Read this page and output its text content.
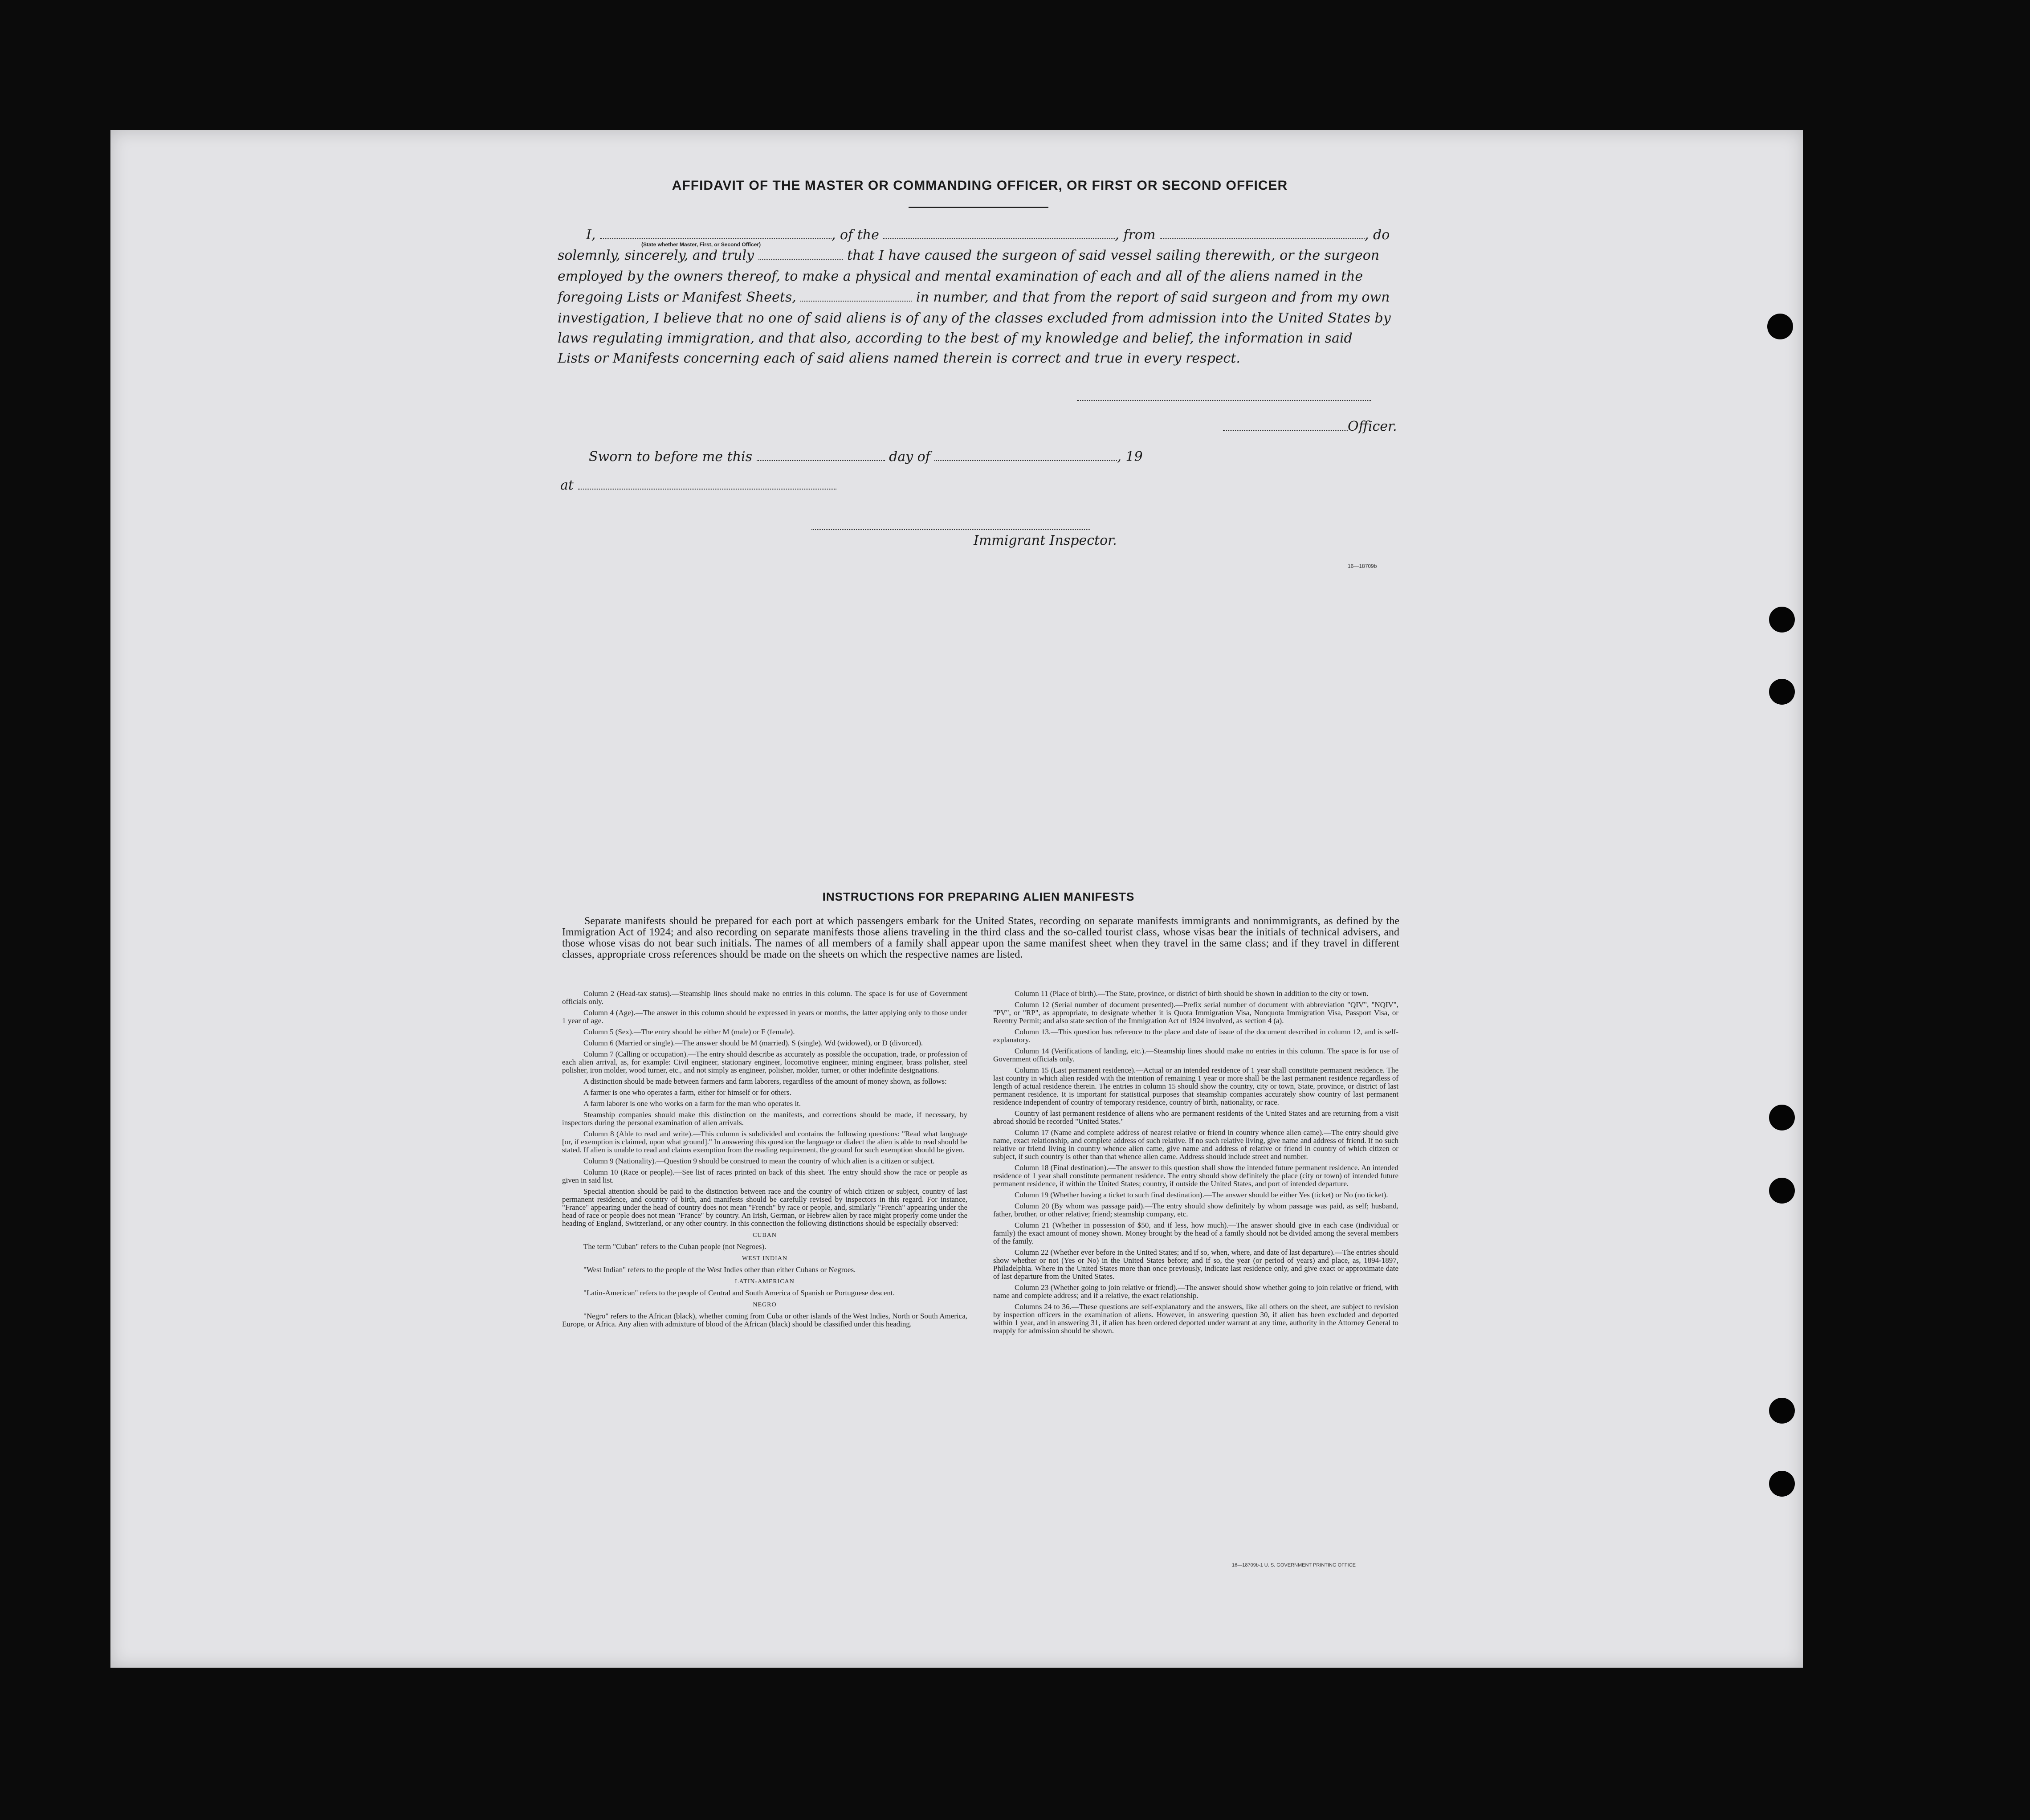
AFFIDAVIT OF THE MASTER OR COMMANDING OFFICER, OR FIRST OR SECOND OFFICER
I,	, of the	, from	, do
(State whether Master, First, or Second Officer)
solemnly, sincerely, and truly	that I have caused the surgeon of said vessel sailing therewith, or the surgeon
employed by the owners thereof, to make a physical and mental examination of each and all of the aliens named in the
foregoing Lists or Manifest Sheets,	in number, and that from the report of said surgeon and from my own
investigation, I believe that no one of said aliens is of any of the classes excluded from admission into the United States by
laws regulating immigration, and that also, according to the best of my knowledge and belief, the information in said
Lists or Manifests concerning each of said aliens named therein is correct and true in every respect.
Officer.
Sworn to before me this	day of	, 19
at
Immigrant Inspector.
16—18709b
INSTRUCTIONS FOR PREPARING ALIEN MANIFESTS
Separate manifests should be prepared for each port at which passengers embark for the United States, recording on separate manifests immigrants and nonimmigrants, as defined by the Immigration Act of 1924; and also recording on separate manifests those aliens traveling in the third class and the so-called tourist class, whose visas bear the initials of technical advisers, and those whose visas do not bear such initials. The names of all members of a family shall appear upon the same manifest sheet when they travel in the same class; and if they travel in different classes, appropriate cross references should be made on the sheets on which the respective names are listed.

Column 2 (Head-tax status).—Steamship lines should make no entries in this column. The space is for use of Government officials only.

Column 4 (Age).—The answer in this column should be expressed in years or months, the latter applying only to those under 1 year of age.

Column 5 (Sex).—The entry should be either M (male) or F (female).

Column 6 (Married or single).—The answer should be M (married), S (single), Wd (widowed), or D (divorced).

Column 7 (Calling or occupation).—The entry should describe as accurately as possible the occupation, trade, or profession of each alien arrival, as, for example: Civil engineer, stationary engineer, locomotive engineer, mining engineer, brass polisher, steel polisher, iron molder, wood turner, etc., and not simply as engineer, polisher, molder, turner, or other indefinite designations.

A distinction should be made between farmers and farm laborers, regardless of the amount of money shown, as follows:

A farmer is one who operates a farm, either for himself or for others.

A farm laborer is one who works on a farm for the man who operates it.

Steamship companies should make this distinction on the manifests, and corrections should be made, if necessary, by inspectors during the personal examination of alien arrivals.

Column 8 (Able to read and write).—This column is subdivided and contains the following questions: "Read what language [or, if exemption is claimed, upon what ground]." In answering this question the language or dialect the alien is able to read should be stated. If alien is unable to read and claims exemption from the reading requirement, the ground for such exemption should be given.

Column 9 (Nationality).—Question 9 should be construed to mean the country of which alien is a citizen or subject.

Column 10 (Race or people).—See list of races printed on back of this sheet. The entry should show the race or people as given in said list.

Special attention should be paid to the distinction between race and the country of which citizen or subject, country of last permanent residence, and country of birth, and manifests should be carefully revised by inspectors in this regard. For instance, "France" appearing under the head of country does not mean "French" by race or people, and, similarly "French" appearing under the head of race or people does not mean "France" by country. An Irish, German, or Hebrew alien by race might properly come under the heading of England, Switzerland, or any other country. In this connection the following distinctions should be especially observed:

CUBAN

The term "Cuban" refers to the Cuban people (not Negroes).

WEST INDIAN

"West Indian" refers to the people of the West Indies other than either Cubans or Negroes.

LATIN-AMERICAN

"Latin-American" refers to the people of Central and South America of Spanish or Portuguese descent.

NEGRO

"Negro" refers to the African (black), whether coming from Cuba or other islands of the West Indies, North or South America, Europe, or Africa. Any alien with admixture of blood of the African (black) should be classified under this heading.

Column 11 (Place of birth).—The State, province, or district of birth should be shown in addition to the city or town.

Column 12 (Serial number of document presented).—Prefix serial number of document with abbreviation "QIV", "NQIV", "PV", or "RP", as appropriate, to designate whether it is Quota Immigration Visa, Nonquota Immigration Visa, Passport Visa, or Reentry Permit; and also state section of the Immigration Act of 1924 involved, as section 4 (a).

Column 13.—This question has reference to the place and date of issue of the document described in column 12, and is self-explanatory.

Column 14 (Verifications of landing, etc.).—Steamship lines should make no entries in this column. The space is for use of Government officials only.

Column 15 (Last permanent residence).—Actual or an intended residence of 1 year shall constitute permanent residence. The last country in which alien resided with the intention of remaining 1 year or more shall be the last permanent residence regardless of length of actual residence therein. The entries in column 15 should show the country, city or town, State, province, or district of last permanent residence. It is important for statistical purposes that steamship companies accurately show country of last permanent residence independent of country of temporary residence, country of birth, nationality, or race.

Country of last permanent residence of aliens who are permanent residents of the United States and are returning from a visit abroad should be recorded "United States."

Column 17 (Name and complete address of nearest relative or friend in country whence alien came).—The entry should give name, exact relationship, and complete address of such relative. If no such relative living, give name and address of friend. If no such relative or friend living in country whence alien came, give name and address of relative or friend in country of which citizen or subject, if such country is other than that whence alien came. Address should include street and number.

Column 18 (Final destination).—The answer to this question shall show the intended future permanent residence. An intended residence of 1 year shall constitute permanent residence. The entry should show definitely the place (city or town) of intended future permanent residence, if within the United States; country, if outside the United States, and port of intended departure.

Column 19 (Whether having a ticket to such final destination).—The answer should be either Yes (ticket) or No (no ticket).

Column 20 (By whom was passage paid).—The entry should show definitely by whom passage was paid, as self; husband, father, brother, or other relative; friend; steamship company, etc.

Column 21 (Whether in possession of $50, and if less, how much).—The answer should give in each case (individual or family) the exact amount of money shown. Money brought by the head of a family should not be divided among the several members of the family.

Column 22 (Whether ever before in the United States; and if so, when, where, and date of last departure).—The entries should show whether or not (Yes or No) in the United States before; and if so, the year (or period of years) and place, as, 1894-1897, Philadelphia. Where in the United States more than once previously, indicate last residence only, and give exact or approximate date of last departure from the United States.

Column 23 (Whether going to join relative or friend).—The answer should show whether going to join relative or friend, with name and complete address; and if a relative, the exact relationship.

Columns 24 to 36.—These questions are self-explanatory and the answers, like all others on the sheet, are subject to revision by inspection officers in the examination of aliens. However, in answering question 30, if alien has been excluded and deported within 1 year, and in answering 31, if alien has been ordered deported under warrant at any time, authority in the Attorney General to reapply for admission should be shown.

16—18709b-1 U. S. GOVERNMENT PRINTING OFFICE
